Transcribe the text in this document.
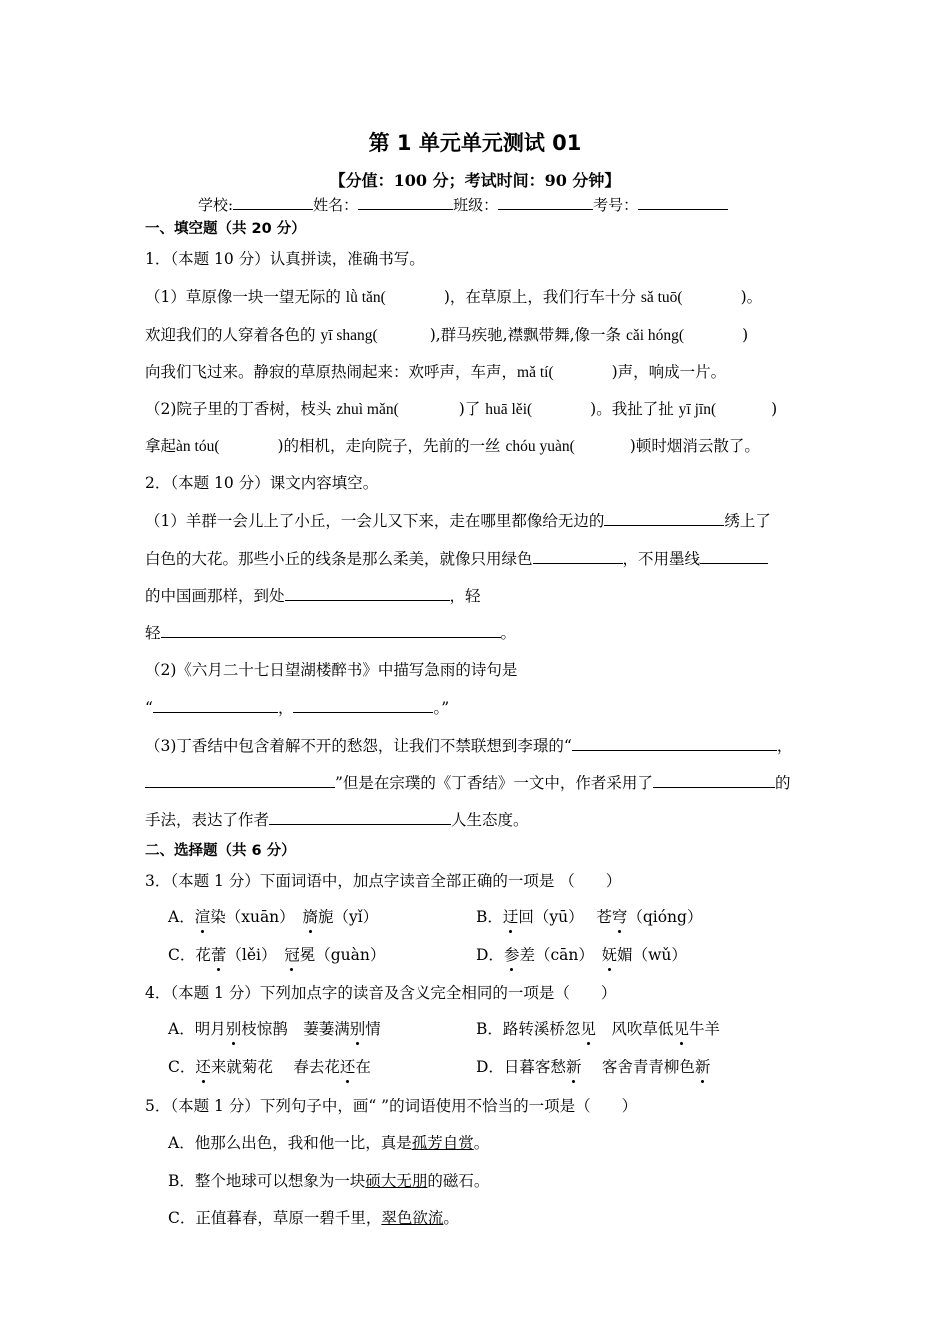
第 1 单元单元测试 01
【分值：100 分；考试时间：90 分钟】
学校:	姓名：	班级：	考号：
一、填空题（共 20 分）
1．（本题 10 分）认真拼读，准确书写。
（1）草原像一块一望无际的 lǜ tǎn(	)，在草原上，我们行车十分 sǎ tuō(	)。
欢迎我们的人穿着各色的 yī shang(	),群马疾驰,襟飘带舞,像一条 cǎi hóng(	)
向我们飞过来。静寂的草原热闹起来：欢呼声，车声，mǎ tí(	)声，响成一片。
（2)院子里的丁香树，枝头 zhuì mǎn(	)了 huā lěi(	)。我扯了扯 yī jīn(	)
拿起àn tóu(	)的相机，走向院子，先前的一丝 chóu yuàn(	)顿时烟消云散了。
2．（本题 10 分）课文内容填空。
（1）羊群一会儿上了小丘，一会儿又下来，走在哪里都像给无边的	绣上了
白色的大花。那些小丘的线条是那么柔美，就像只用绿色	，不用墨线
的中国画那样，到处	，轻
轻	。
（2)《六月二十七日望湖楼醉书》中描写急雨的诗句是
“	，	。”
（3)丁香结中包含着解不开的愁怨，让我们不禁联想到李璟的“	，
”但是在宗璞的《丁香结》一文中，作者采用了	的
手法，表达了作者	人生态度。
二、选择题（共 6 分）
3．（本题 1 分）下面词语中，加点字读音全部正确的一项是 （　　）
A．渲染（xuān）　旖旎（yǐ）	B．迂回（yū）　 苍穹（qióng）
C．花蕾（lěi）　冠冕（guàn）	D．参差（cān）　妩媚（wǔ）
4．（本题 1 分）下列加点字的读音及含义完全相同的一项是（　　）
A．明月别枝惊鹊　萋萋满别情	B．路转溪桥忽见　风吹草低见牛羊
C．还来就菊花　 春去花还在	D．日暮客愁新　 客舍青青柳色新
5．（本题 1 分）下列句子中，画“ ”的词语使用不恰当的一项是（　　）
A．他那么出色，我和他一比，真是孤芳自赏。
B．整个地球可以想象为一块硕大无朋的磁石。
C．正值暮春，草原一碧千里，翠色欲流。
